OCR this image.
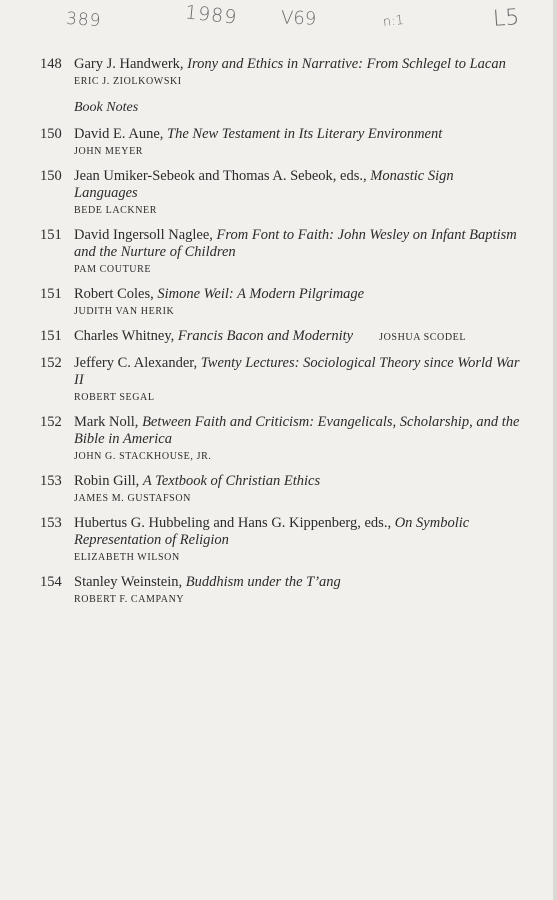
389	1989 V69	n:1	L5
148 Gary J. Handwerk, Irony and Ethics in Narrative: From Schlegel to Lacan
ERIC J. ZIOLKOWSKI
Book Notes
150 David E. Aune, The New Testament in Its Literary Environment
JOHN MEYER
150 Jean Umiker-Sebeok and Thomas A. Sebeok, eds., Monastic Sign Languages
BEDE LACKNER
151 David Ingersoll Naglee, From Font to Faith: John Wesley on Infant Baptism and the Nurture of Children
PAM COUTURE
151 Robert Coles, Simone Weil: A Modern Pilgrimage
JUDITH VAN HERIK
151 Charles Whitney, Francis Bacon and Modernity	JOSHUA SCODEL
152 Jeffery C. Alexander, Twenty Lectures: Sociological Theory since World War II
ROBERT SEGAL
152 Mark Noll, Between Faith and Criticism: Evangelicals, Scholarship, and the Bible in America
JOHN G. STACKHOUSE, JR.
153 Robin Gill, A Textbook of Christian Ethics
JAMES M. GUSTAFSON
153 Hubertus G. Hubbeling and Hans G. Kippenberg, eds., On Symbolic Representation of Religion
ELIZABETH WILSON
154 Stanley Weinstein, Buddhism under the T’ang
ROBERT F. CAMPANY
